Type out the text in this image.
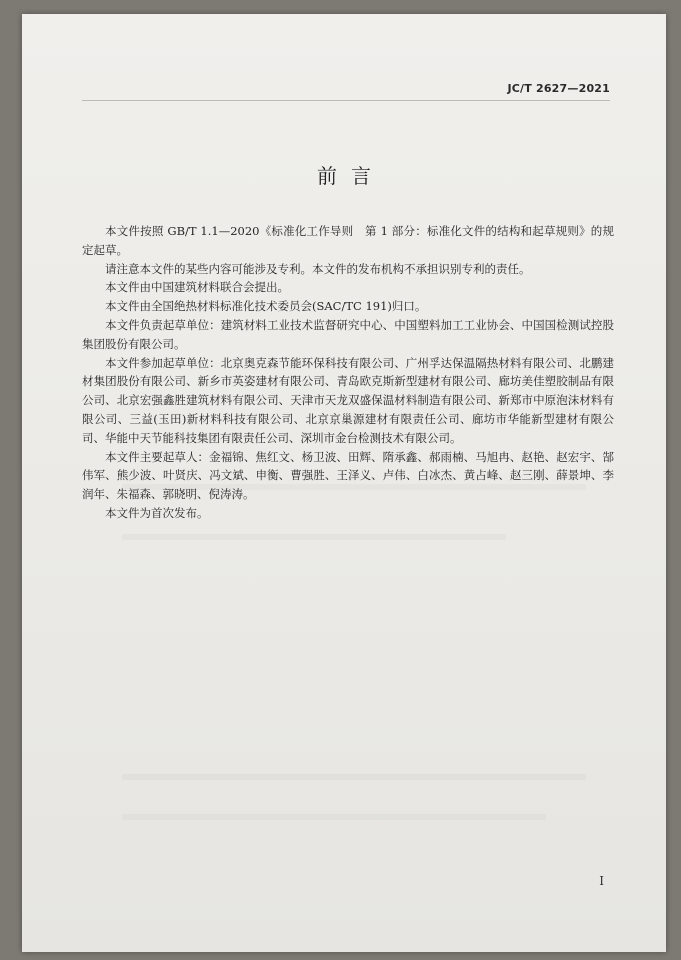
JC/T 2627—2021
前言

本文件按照 GB/T 1.1—2020《标准化工作导则　第 1 部分：标准化文件的结构和起草规则》的规定起草。

请注意本文件的某些内容可能涉及专利。本文件的发布机构不承担识别专利的责任。

本文件由中国建筑材料联合会提出。

本文件由全国绝热材料标准化技术委员会(SAC/TC 191)归口。

本文件负责起草单位：建筑材料工业技术监督研究中心、中国塑料加工工业协会、中国国检测试控股集团股份有限公司。

本文件参加起草单位：北京奥克森节能环保科技有限公司、广州孚达保温隔热材料有限公司、北鹏建材集团股份有限公司、新乡市英姿建材有限公司、青岛欧克斯新型建材有限公司、廊坊美佳塑胶制品有限公司、北京宏强鑫胜建筑材料有限公司、天津市天龙双盛保温材料制造有限公司、新郑市中原泡沫材料有限公司、三益(玉田)新材料科技有限公司、北京京巢源建材有限责任公司、廊坊市华能新型建材有限公司、华能中天节能科技集团有限责任公司、深圳市金台检测技术有限公司。

本文件主要起草人：金福锦、焦红文、杨卫波、田辉、隋承鑫、郝雨楠、马旭冉、赵艳、赵宏宇、郜伟军、熊少波、叶贤庆、冯文斌、申衡、曹强胜、王泽义、卢伟、白冰杰、黄占峰、赵三刚、薛景坤、李润年、朱福森、郭晓明、倪涛涛。

本文件为首次发布。

I
